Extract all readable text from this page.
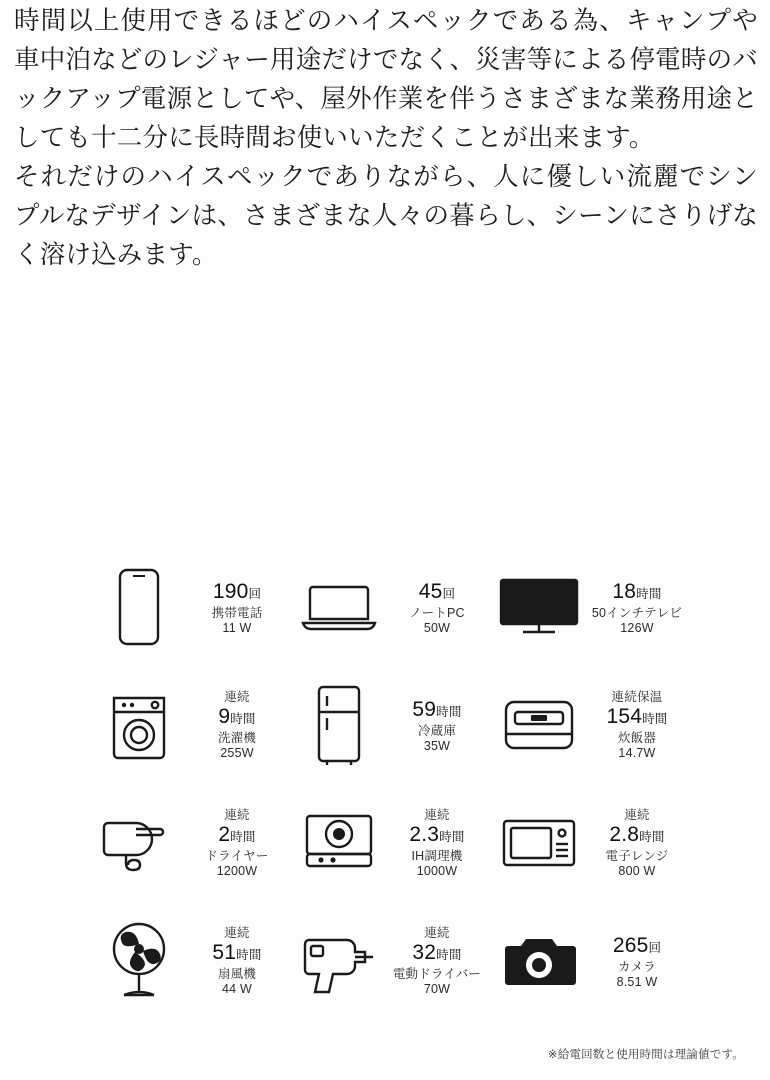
時間以上使用できるほどのハイスペックである為、キャンプや車中泊などのレジャー用途だけでなく、災害等による停電時のバックアップ電源としてや、屋外作業を伴うさまざまな業務用途としても十二分に長時間お使いいただくことが出来ます。

それだけのハイスペックでありながら、人に優しい流麗でシンプルなデザインは、さまざまな人々の暮らし、シーンにさりげなく溶け込みます。

190回
携帯電話
11 W
45回
ノートPC
50W
18時間
50インチテレビ
126W
連続
9時間
洗濯機
255W
59時間
冷蔵庫
35W
連続保温
154時間
炊飯器
14.7W
連続
2時間
ドライヤー
1200W
連続
2.3時間
IH調理機
1000W
連続
2.8時間
電子レンジ
800 W
連続
51時間
扇風機
44 W
連続
32時間
電動ドライバー
70W
265回
カメラ
8.51 W
※給電回数と使用時間は理論値です。
